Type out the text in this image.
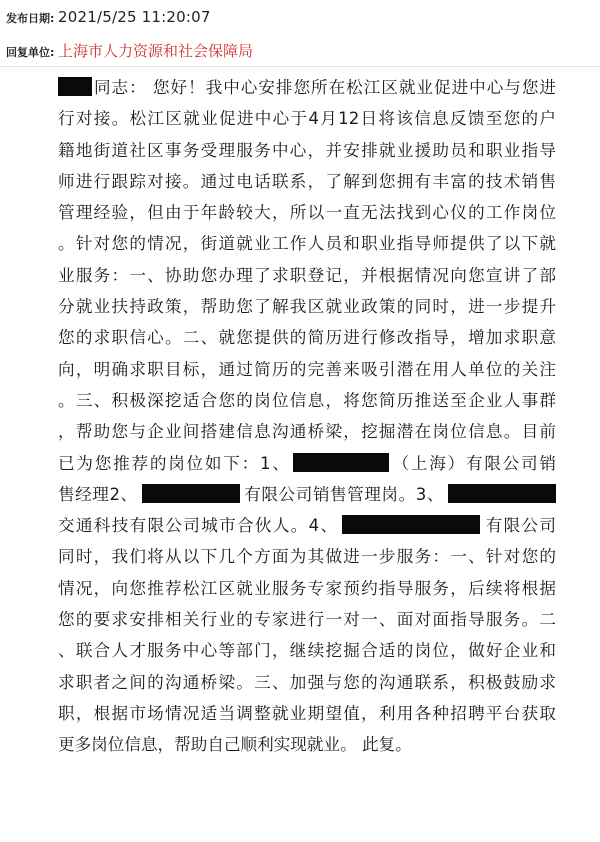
发布日期: 2021/5/25 11:20:07
回复单位: 上海市人力资源和社会保障局
同志： 您好！我中心安排您所在松江区就业促进中心与您进
行对接。松江区就业促进中心于4月12日将该信息反馈至您的户
籍地街道社区事务受理服务中心，并安排就业援助员和职业指导
师进行跟踪对接。通过电话联系，了解到您拥有丰富的技术销售
管理经验，但由于年龄较大，所以一直无法找到心仪的工作岗位
。针对您的情况，街道就业工作人员和职业指导师提供了以下就
业服务：一、协助您办理了求职登记，并根据情况向您宣讲了部
分就业扶持政策，帮助您了解我区就业政策的同时，进一步提升
您的求职信心。二、就您提供的简历进行修改指导，增加求职意
向，明确求职目标，通过简历的完善来吸引潜在用人单位的关注
。三、积极深挖适合您的岗位信息，将您简历推送至企业人事群
，帮助您与企业间搭建信息沟通桥梁，挖掘潜在岗位信息。目前
已为您推荐的岗位如下：1、	（上海）有限公司销
售经理2、	有限公司销售管理岗。3、
交通科技有限公司城市合伙人。4、	有限公司
同时，我们将从以下几个方面为其做进一步服务：一、针对您的
情况，向您推荐松江区就业服务专家预约指导服务，后续将根据
您的要求安排相关行业的专家进行一对一、面对面指导服务。二
、联合人才服务中心等部门，继续挖掘合适的岗位，做好企业和
求职者之间的沟通桥梁。三、加强与您的沟通联系，积极鼓励求
职，根据市场情况适当调整就业期望值，利用各种招聘平台获取
更多岗位信息，帮助自己顺利实现就业。 此复。
